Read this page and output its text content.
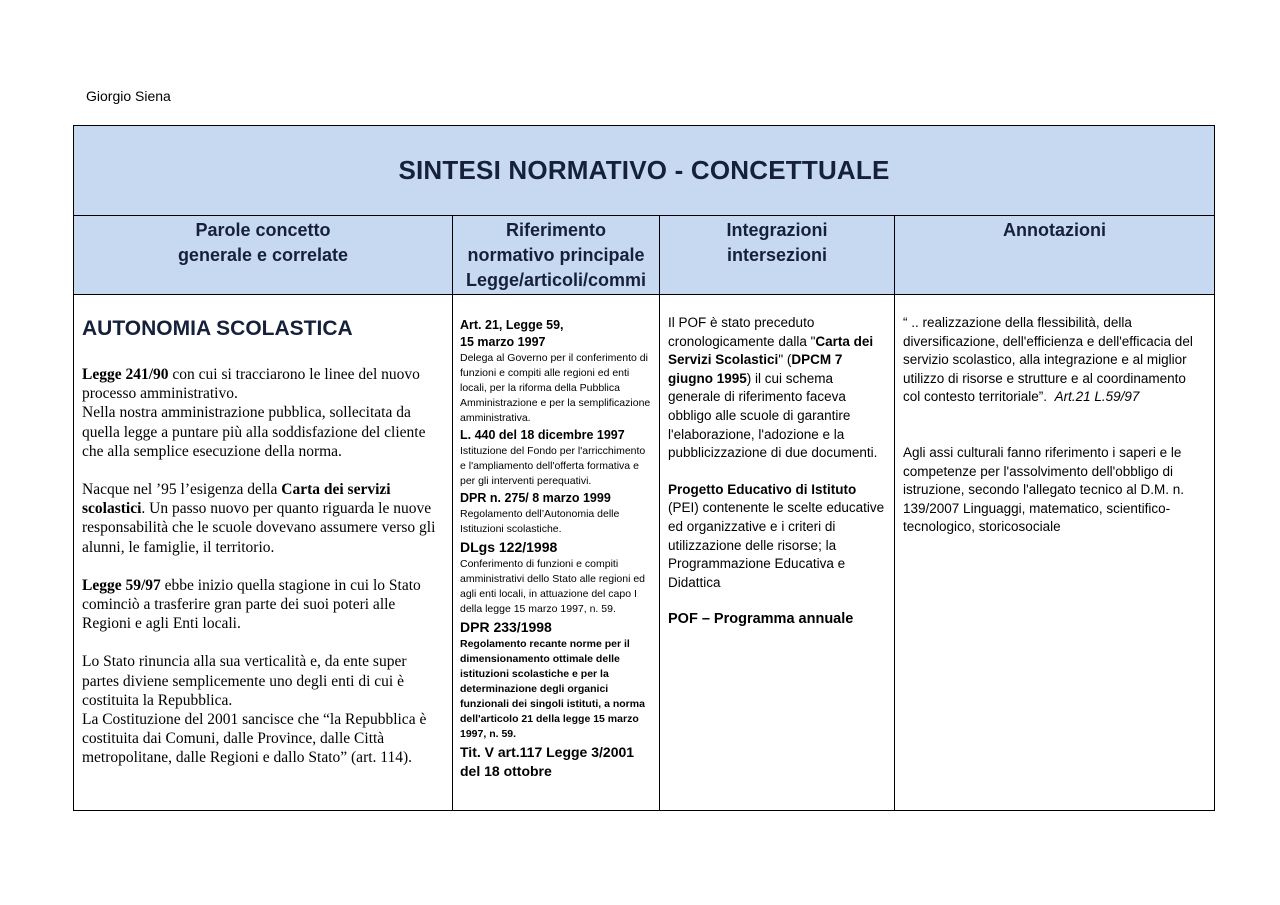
Giorgio Siena
SINTESI NORMATIVO - CONCETTUALE
Parole concetto
generale e correlate
Riferimento
normativo principale
Legge/articoli/commi
Integrazioni
intersezioni
Annotazioni
AUTONOMIA SCOLASTICA

Legge 241/90 con cui si tracciarono le linee del nuovo processo amministrativo.
Nella nostra amministrazione pubblica, sollecitata da quella legge a puntare più alla soddisfazione del cliente che alla semplice esecuzione della norma.

Nacque nel ’95 l’esigenza della Carta dei servizi scolastici. Un passo nuovo per quanto riguarda le nuove responsabilità che le scuole dovevano assumere verso gli alunni, le famiglie, il territorio.

Legge 59/97 ebbe inizio quella stagione in cui lo Stato cominciò a trasferire gran parte dei suoi poteri alle Regioni e agli Enti locali.

Lo Stato rinuncia alla sua verticalità e, da ente super partes diviene semplicemente uno degli enti di cui è costituita la Repubblica.
La Costituzione del 2001 sancisce che “la Repubblica è costituita dai Comuni, dalle Province, dalle Città metropolitane, dalle Regioni e dallo Stato” (art. 114).

Art. 21, Legge 59,
15 marzo 1997
Delega al Governo per il conferimento di funzioni e compiti alle regioni ed enti locali, per la riforma della Pubblica Amministrazione e per la semplificazione amministrativa.
L. 440 del 18 dicembre 1997
Istituzione del Fondo per l'arricchimento e l'ampliamento dell'offerta formativa e per gli interventi perequativi.
DPR n. 275/ 8 marzo 1999
Regolamento dell’Autonomia delle Istituzioni scolastiche.
DLgs 122/1998
Conferimento di funzioni e compiti amministrativi dello Stato alle regioni ed agli enti locali, in attuazione del capo I della legge 15 marzo 1997, n. 59.
DPR 233/1998
Regolamento recante norme per il dimensionamento ottimale delle istituzioni scolastiche e per la determinazione degli organici funzionali dei singoli istituti, a norma dell'articolo 21 della legge 15 marzo 1997, n. 59.
Tit. V art.117 Legge 3/2001 del 18 ottobre

Il POF è stato preceduto cronologicamente dalla "Carta dei Servizi Scolastici" (DPCM 7 giugno 1995) il cui schema generale di riferimento faceva obbligo alle scuole di garantire l'elaborazione, l'adozione e la pubblicizzazione di due documenti.

Progetto Educativo di Istituto
(PEI) contenente le scelte educative ed organizzative e i criteri di utilizzazione delle risorse; la Programmazione Educativa e Didattica

POF – Programma annuale

“ .. realizzazione della flessibilità, della diversificazione, dell'efficienza e dell'efficacia del servizio scolastico, alla integrazione e al miglior utilizzo di risorse e strutture e al coordinamento col contesto territoriale”. Art.21 L.59/97

Agli assi culturali fanno riferimento i saperi e le competenze per l'assolvimento dell'obbligo di istruzione, secondo l'allegato tecnico al D.M. n. 139/2007 Linguaggi, matematico, scientifico-tecnologico, storicosociale
